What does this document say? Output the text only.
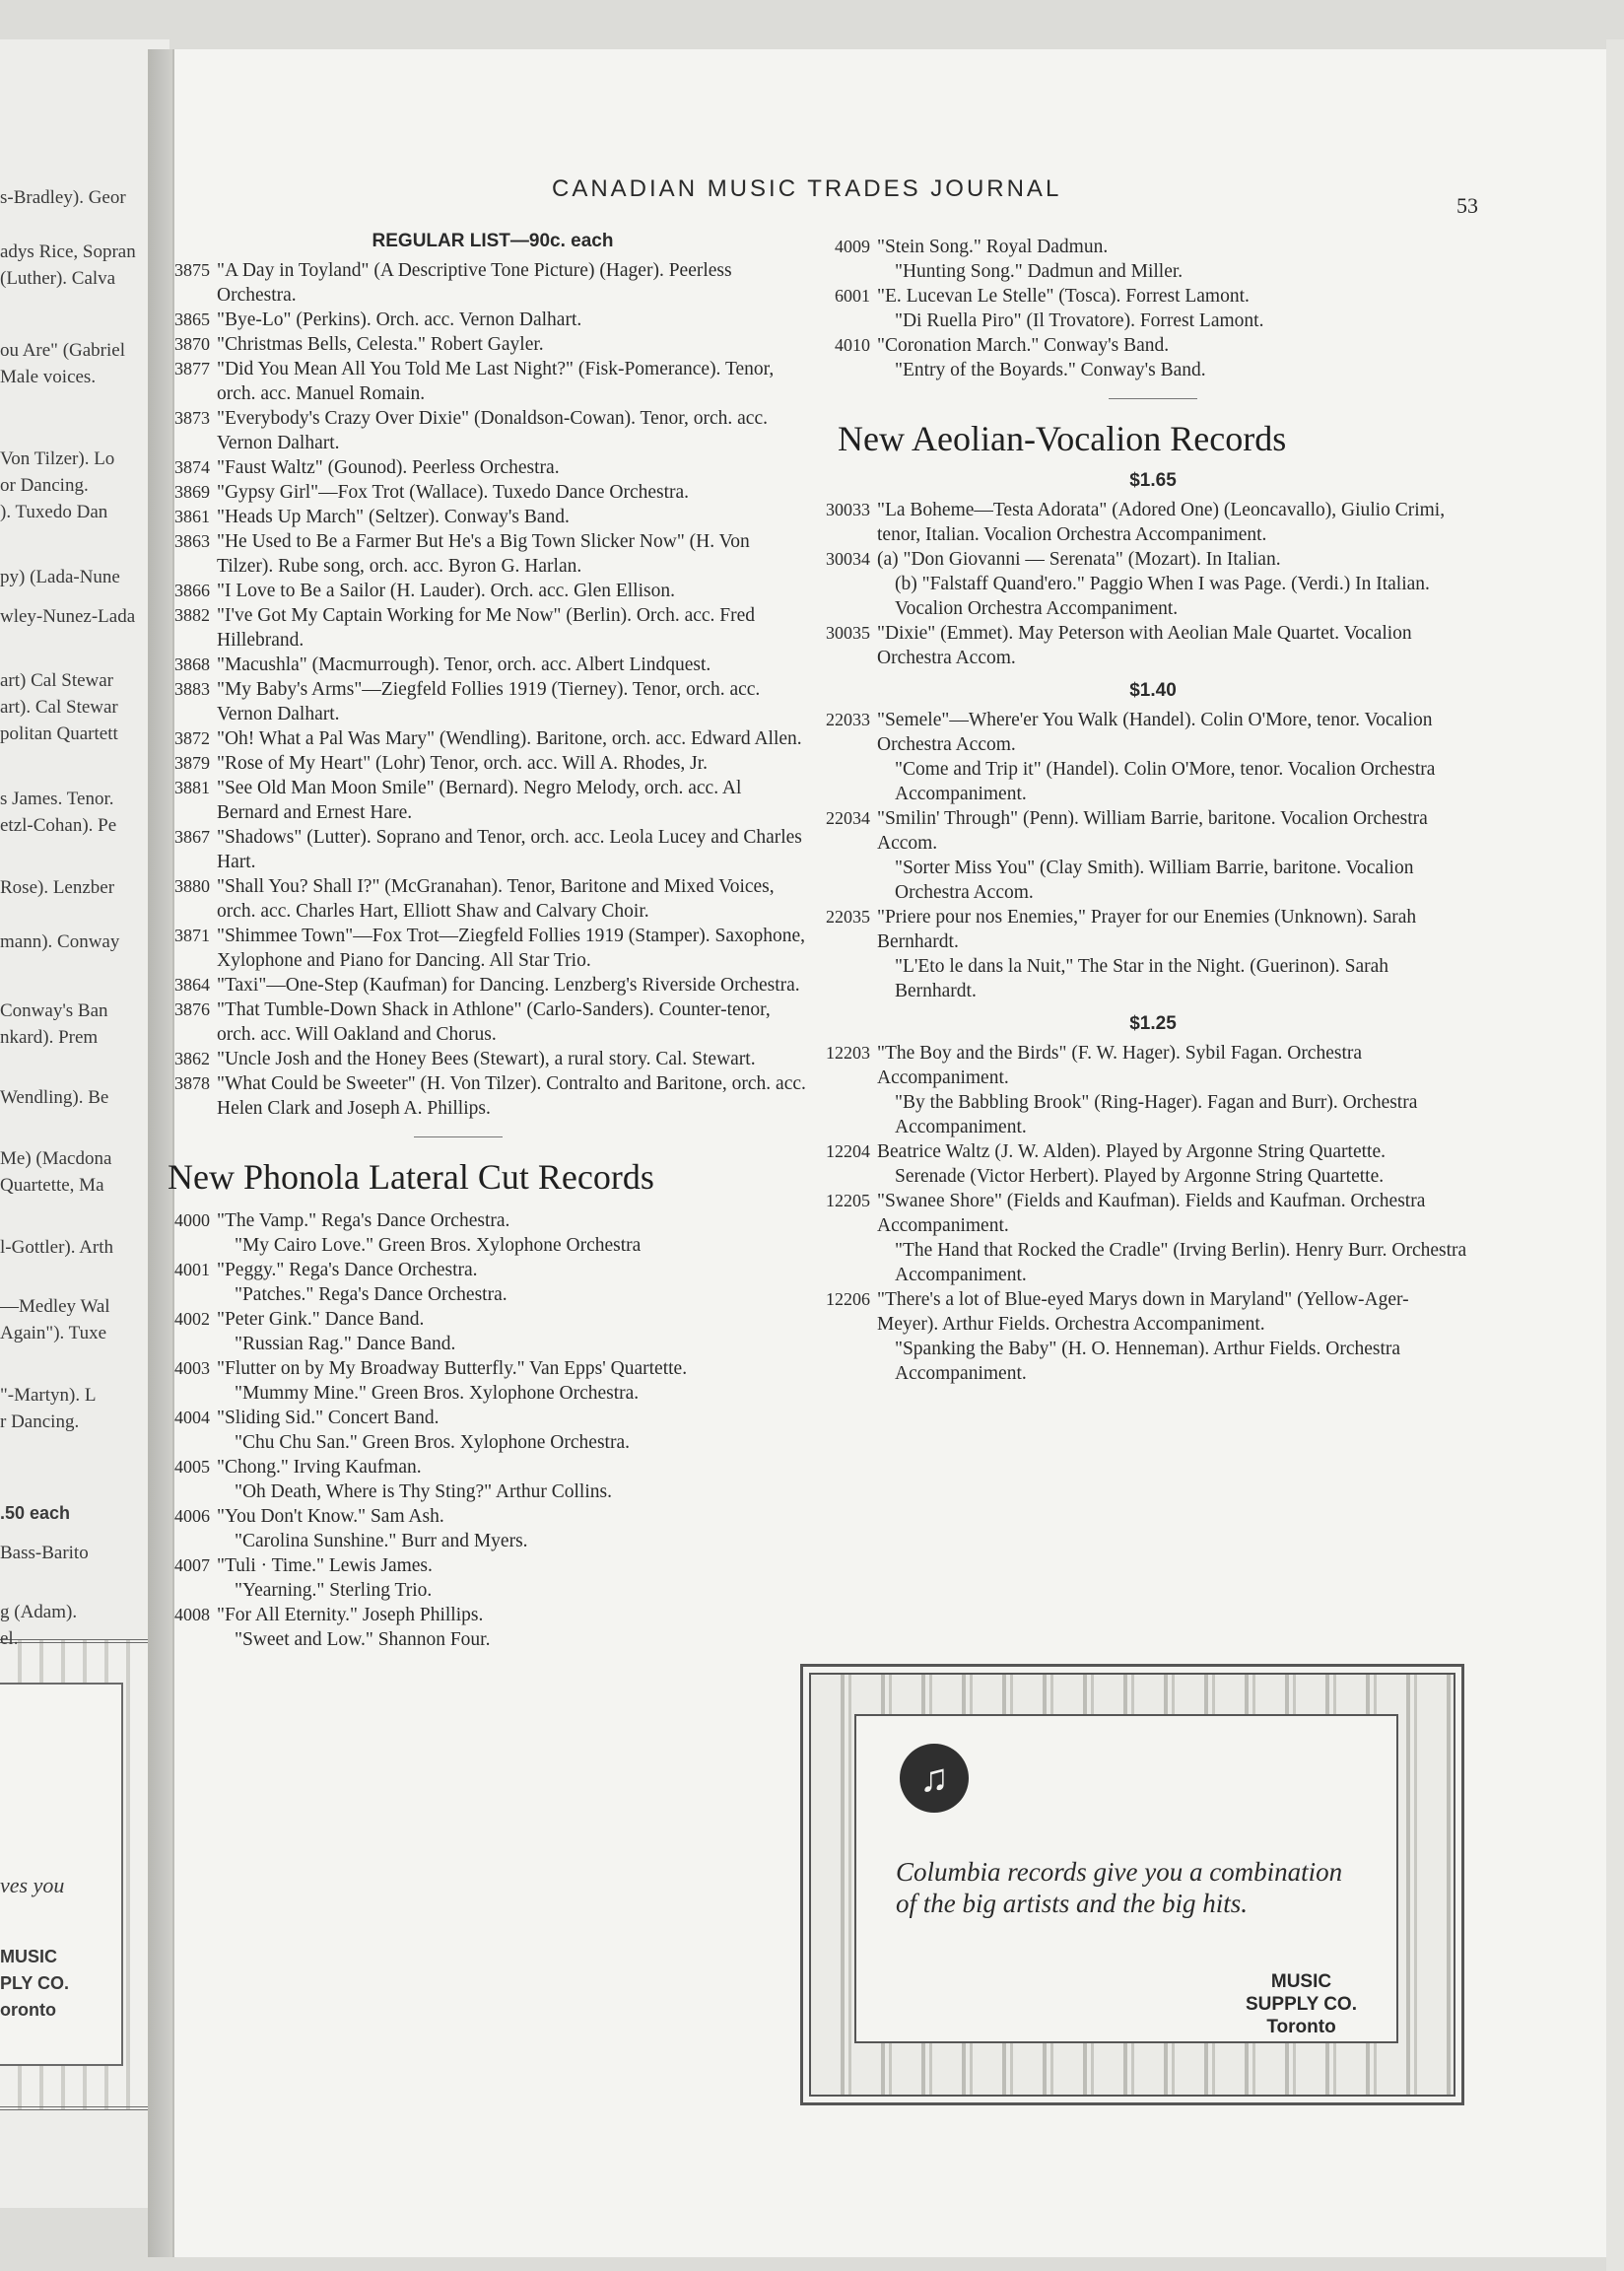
s-Bradley). Geor
adys Rice, Sopran
(Luther). Calva
ou Are" (Gabriel
Male voices.
Von Tilzer). Lo
or Dancing.
). Tuxedo Dan
py) (Lada-Nune
wley-Nunez-Lada
art) Cal Stewar
art). Cal Stewar
politan Quartett
s James. Tenor.
etzl-Cohan). Pe
Rose). Lenzber
mann). Conway
Conway's Ban
nkard). Prem
Wendling). Be
Me) (Macdona
Quartette, Ma
l-Gottler). Arth
—Medley Wal
Again"). Tuxe
"-Martyn). L
r Dancing.
.50 each
Bass-Barito
g (Adam).
el.
ves you
MUSIC
PLY CO.
oronto
CANADIAN MUSIC TRADES JOURNAL
53
REGULAR LIST—90c. each
3875 "A Day in Toyland" (A Descriptive Tone Picture) (Hager). Peerless Orchestra.
3865 "Bye-Lo" (Perkins). Orch. acc. Vernon Dalhart.
3870 "Christmas Bells, Celesta." Robert Gayler.
3877 "Did You Mean All You Told Me Last Night?" (Fisk-Pomerance). Tenor, orch. acc. Manuel Romain.
3873 "Everybody's Crazy Over Dixie" (Donaldson-Cowan). Tenor, orch. acc. Vernon Dalhart.
3874 "Faust Waltz" (Gounod). Peerless Orchestra.
3869 "Gypsy Girl"—Fox Trot (Wallace). Tuxedo Dance Orchestra.
3861 "Heads Up March" (Seltzer). Conway's Band.
3863 "He Used to Be a Farmer But He's a Big Town Slicker Now" (H. Von Tilzer). Rube song, orch. acc. Byron G. Harlan.
3866 "I Love to Be a Sailor (H. Lauder). Orch. acc. Glen Ellison.
3882 "I've Got My Captain Working for Me Now" (Berlin). Orch. acc. Fred Hillebrand.
3868 "Macushla" (Macmurrough). Tenor, orch. acc. Albert Lindquest.
3883 "My Baby's Arms"—Ziegfeld Follies 1919 (Tierney). Tenor, orch. acc. Vernon Dalhart.
3872 "Oh! What a Pal Was Mary" (Wendling). Baritone, orch. acc. Edward Allen.
3879 "Rose of My Heart" (Lohr) Tenor, orch. acc. Will A. Rhodes, Jr.
3881 "See Old Man Moon Smile" (Bernard). Negro Melody, orch. acc. Al Bernard and Ernest Hare.
3867 "Shadows" (Lutter). Soprano and Tenor, orch. acc. Leola Lucey and Charles Hart.
3880 "Shall You? Shall I?" (McGranahan). Tenor, Baritone and Mixed Voices, orch. acc. Charles Hart, Elliott Shaw and Calvary Choir.
3871 "Shimmee Town"—Fox Trot—Ziegfeld Follies 1919 (Stamper). Saxophone, Xylophone and Piano for Dancing. All Star Trio.
3864 "Taxi"—One-Step (Kaufman) for Dancing. Lenzberg's Riverside Orchestra.
3876 "That Tumble-Down Shack in Athlone" (Carlo-Sanders). Counter-tenor, orch. acc. Will Oakland and Chorus.
3862 "Uncle Josh and the Honey Bees (Stewart), a rural story. Cal. Stewart.
3878 "What Could be Sweeter" (H. Von Tilzer). Contralto and Baritone, orch. acc. Helen Clark and Joseph A. Phillips.
New Phonola Lateral Cut Records
4000 "The Vamp." Rega's Dance Orchestra.
"My Cairo Love." Green Bros. Xylophone Orchestra
4001 "Peggy." Rega's Dance Orchestra.
"Patches." Rega's Dance Orchestra.
4002 "Peter Gink." Dance Band.
"Russian Rag." Dance Band.
4003 "Flutter on by My Broadway Butterfly." Van Epps' Quartette.
"Mummy Mine." Green Bros. Xylophone Orchestra.
4004 "Sliding Sid." Concert Band.
"Chu Chu San." Green Bros. Xylophone Orchestra.
4005 "Chong." Irving Kaufman.
"Oh Death, Where is Thy Sting?" Arthur Collins.
4006 "You Don't Know." Sam Ash.
"Carolina Sunshine." Burr and Myers.
4007 "Tuli · Time." Lewis James.
"Yearning." Sterling Trio.
4008 "For All Eternity." Joseph Phillips.
"Sweet and Low." Shannon Four.
4009 "Stein Song." Royal Dadmun.
"Hunting Song." Dadmun and Miller.
6001 "E. Lucevan Le Stelle" (Tosca). Forrest Lamont.
"Di Ruella Piro" (Il Trovatore). Forrest Lamont.
4010 "Coronation March." Conway's Band.
"Entry of the Boyards." Conway's Band.
New Aeolian-Vocalion Records
$1.65
30033 "La Boheme—Testa Adorata" (Adored One) (Leoncavallo), Giulio Crimi, tenor, Italian. Vocalion Orchestra Accompaniment.
30034 (a) "Don Giovanni — Serenata" (Mozart). In Italian.
(b) "Falstaff Quand'ero." Paggio When I was Page. (Verdi.) In Italian. Vocalion Orchestra Accompaniment.
30035 "Dixie" (Emmet). May Peterson with Aeolian Male Quartet. Vocalion Orchestra Accom.
$1.40
22033 "Semele"—Where'er You Walk (Handel). Colin O'More, tenor. Vocalion Orchestra Accom.
"Come and Trip it" (Handel). Colin O'More, tenor. Vocalion Orchestra Accompaniment.
22034 "Smilin' Through" (Penn). William Barrie, baritone. Vocalion Orchestra Accom.
"Sorter Miss You" (Clay Smith). William Barrie, baritone. Vocalion Orchestra Accom.
22035 "Priere pour nos Enemies," Prayer for our Enemies (Unknown). Sarah Bernhardt.
"L'Eto le dans la Nuit," The Star in the Night. (Guerinon). Sarah Bernhardt.
$1.25
12203 "The Boy and the Birds" (F. W. Hager). Sybil Fagan. Orchestra Accompaniment.
"By the Babbling Brook" (Ring-Hager). Fagan and Burr). Orchestra Accompaniment.
12204 Beatrice Waltz (J. W. Alden). Played by Argonne String Quartette.
Serenade (Victor Herbert). Played by Argonne String Quartette.
12205 "Swanee Shore" (Fields and Kaufman). Fields and Kaufman. Orchestra Accompaniment.
"The Hand that Rocked the Cradle" (Irving Berlin). Henry Burr. Orchestra Accompaniment.
12206 "There's a lot of Blue-eyed Marys down in Maryland" (Yellow-Ager-Meyer). Arthur Fields. Orchestra Accompaniment.
"Spanking the Baby" (H. O. Henneman). Arthur Fields. Orchestra Accompaniment.
♫
Columbia records give you a combination of the big artists and the big hits.
MUSIC
SUPPLY CO.
Toronto
